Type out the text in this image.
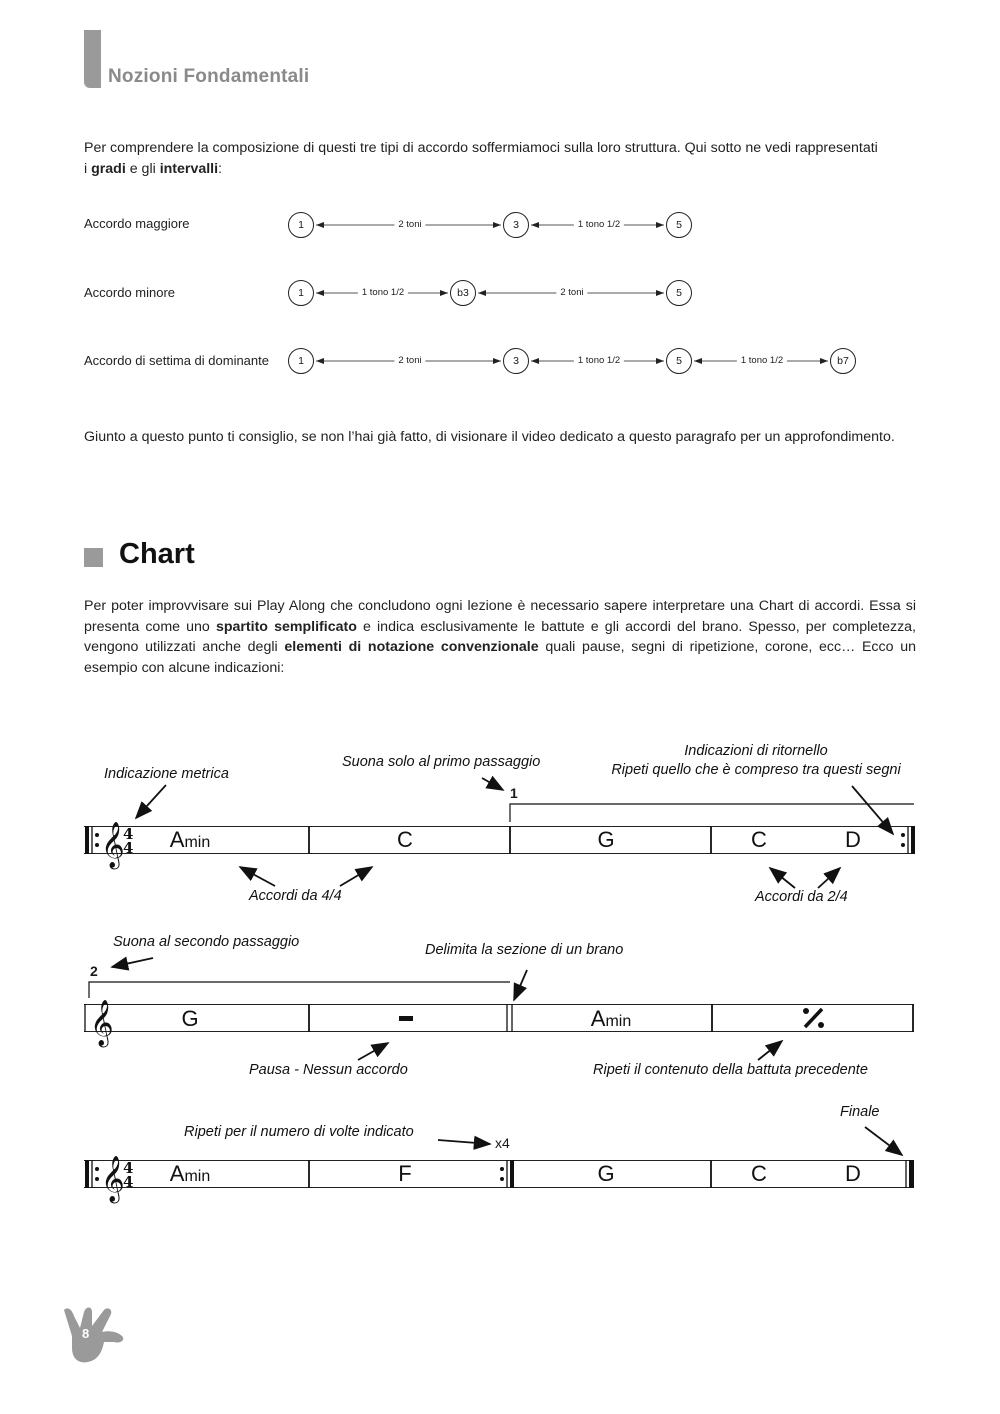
Nozioni Fondamentali
Per comprendere la composizione di questi tre tipi di accordo soffermiamoci sulla loro struttura. Qui sotto ne vedi rappresentati
i gradi e gli intervalli:
Accordo maggiore	1	3	5
Accordo minore	1	b3	5
Accordo di settima di dominante	1	3	5	b7
2 toni	1 tono 1/2
1 tono 1/2	2 toni
2 toni	1 tono 1/2	1 tono 1/2
Giunto a questo punto ti consiglio, se non l’hai già fatto, di visionare il video dedicato a questo paragrafo per un approfondimento.
Chart
Per poter improvvisare sui Play Along che concludono ogni lezione è necessario sapere interpretare una Chart di accordi. Essa si presenta come uno spartito semplificato e indica esclusivamente le battute e gli accordi del brano. Spesso, per completezza, vengono utilizzati anche degli elementi di notazione convenzionale quali pause, segni di ripetizione, corone, ecc… Ecco un esempio con alcune indicazioni:
𝄞
4
4
𝄞
𝄞
4
4
Amin	C	G	C	D
1
Indicazione metrica
Suona solo al primo passaggio
Indicazioni di ritornello
Ripeti quello che è compreso tra questi segni
Accordi da 4/4	Accordi da 2/4
G	Amin
2
Suona al secondo passaggio	Delimita la sezione di un brano
Pausa - Nessun accordo	Ripeti il contenuto della battuta precedente
Amin	F	G	C	D
x4
Ripeti per il numero di volte indicato
Finale
8
